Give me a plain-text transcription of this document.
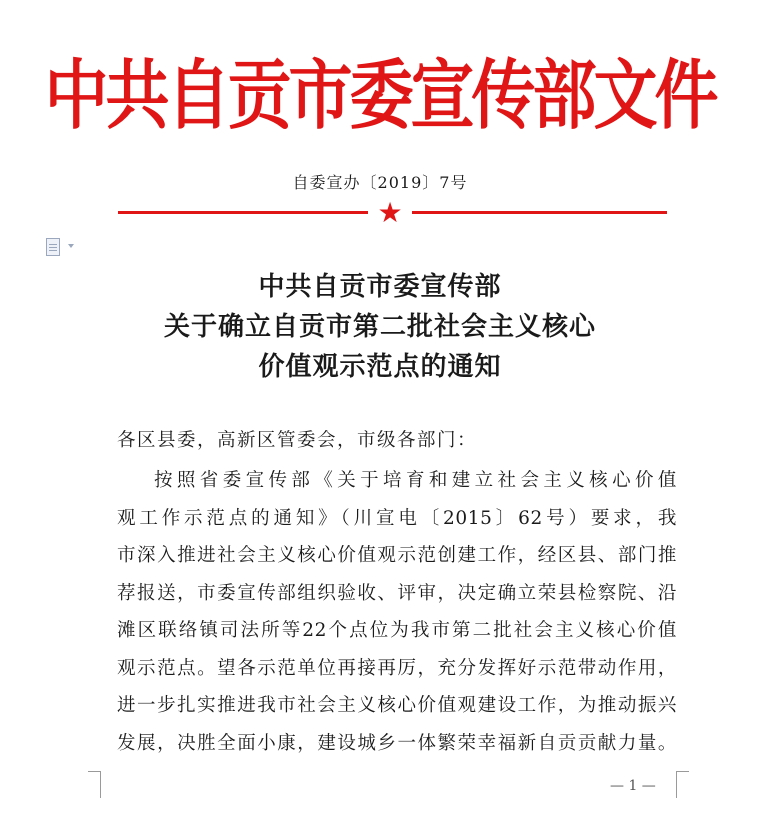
中共自贡市委宣传部文件
自委宣办〔2019〕7号
★
中共自贡市委宣传部
关于确立自贡市第二批社会主义核心
价值观示范点的通知
各区县委，高新区管委会，市级各部门：
按照省委宣传部《关于培育和建立社会主义核心价值
观工作示范点的通知》（川宣电〔2015〕62号）要求，我
市深入推进社会主义核心价值观示范创建工作，经区县、部门推
荐报送，市委宣传部组织验收、评审，决定确立荣县检察院、沿
滩区联络镇司法所等22个点位为我市第二批社会主义核心价值
观示范点。望各示范单位再接再厉，充分发挥好示范带动作用，
进一步扎实推进我市社会主义核心价值观建设工作，为推动振兴
发展，决胜全面小康，建设城乡一体繁荣幸福新自贡贡献力量。
— 1 —
